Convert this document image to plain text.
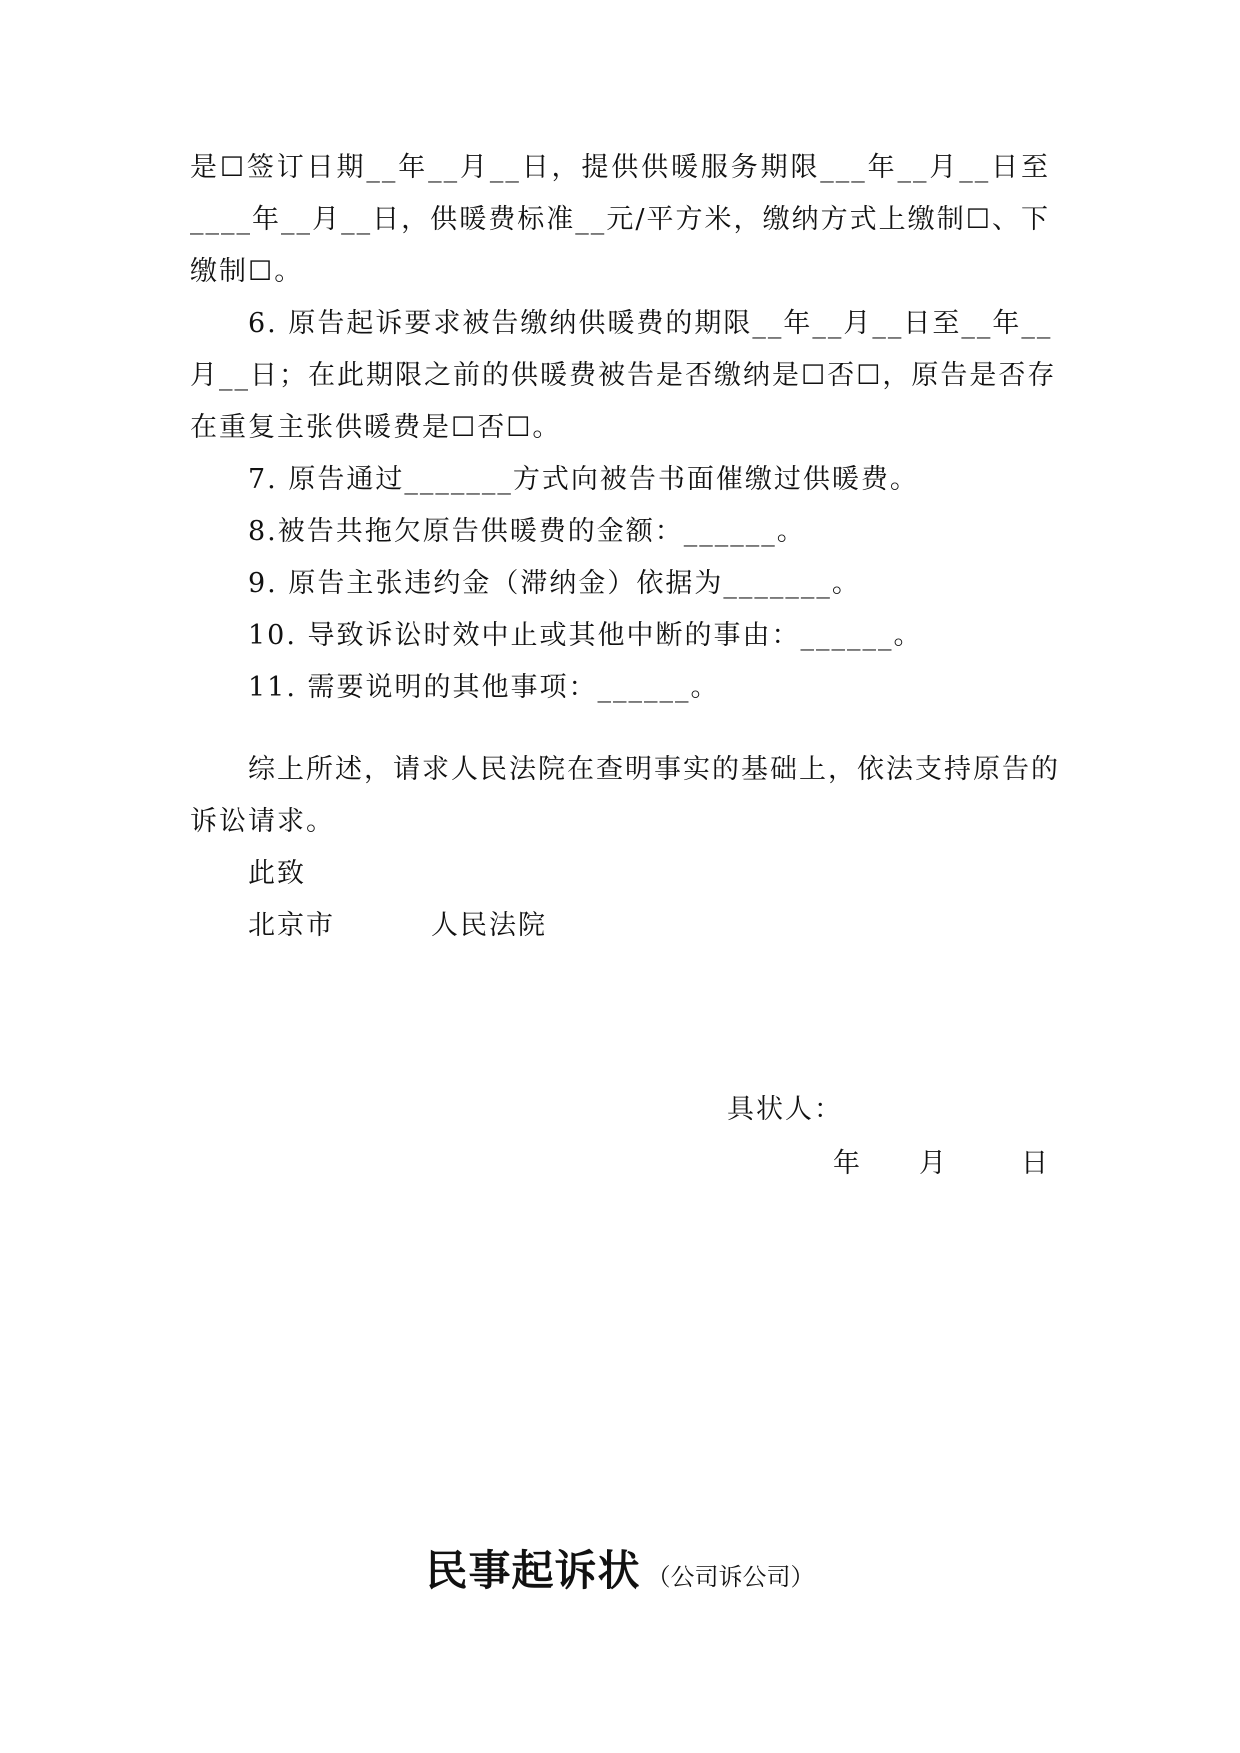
是☐签订日期__年__月__日，提供供暖服务期限___年__月__日至
____年__月__日，供暖费标准__元/平方米，缴纳方式上缴制☐、下
缴制☐。
6. 原告起诉要求被告缴纳供暖费的期限__年__月__日至__年__
月__日；在此期限之前的供暖费被告是否缴纳是☐否☐，原告是否存
在重复主张供暖费是☐否☐。
7. 原告通过_______方式向被告书面催缴过供暖费。
8.被告共拖欠原告供暖费的金额：______。
9. 原告主张违约金（滞纳金）依据为_______。
10. 导致诉讼时效中止或其他中断的事由：______。
11. 需要说明的其他事项：______。
综上所述，请求人民法院在查明事实的基础上，依法支持原告的
诉讼请求。
此致
北京市	人民法院
具状人：
年 月	日
民事起诉状 （公司诉公司）
